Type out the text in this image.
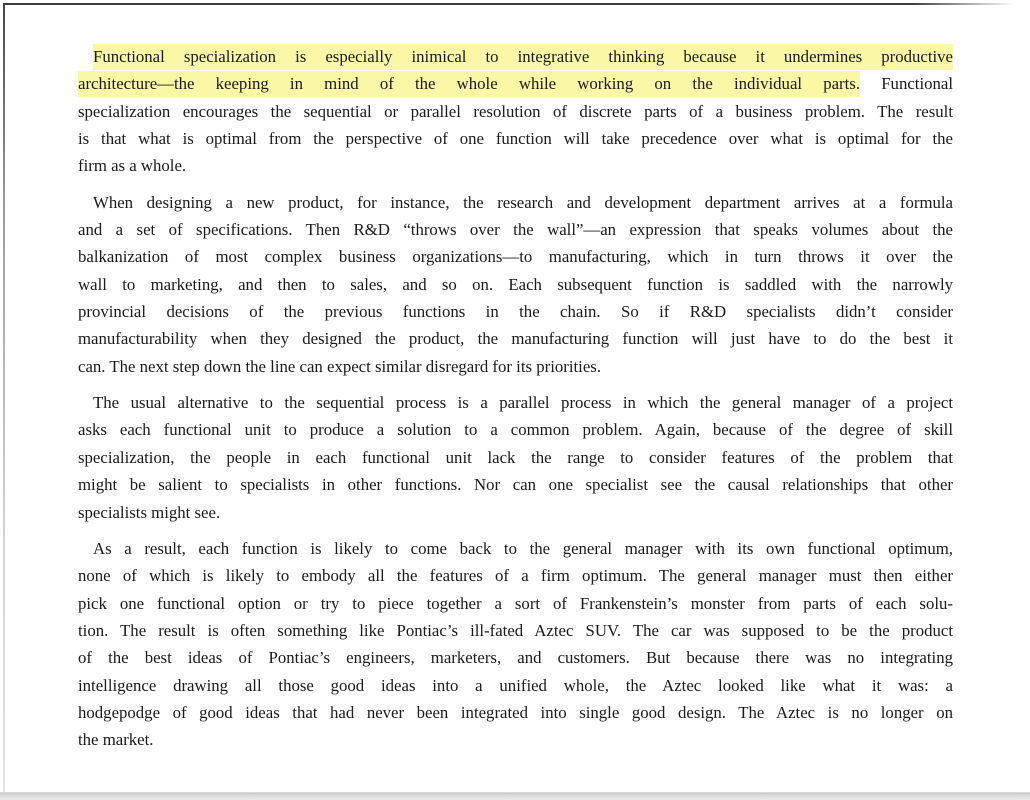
Functional specialization is especially inimical to integrative thinking because it undermines productive
architecture—the keeping in mind of the whole while working on the individual parts. Functional
specialization encourages the sequential or parallel resolution of discrete parts of a business problem. The result
is that what is optimal from the perspective of one function will take precedence over what is optimal for the
firm as a whole.
When designing a new product, for instance, the research and development department arrives at a formula
and a set of specifications. Then R&D “throws over the wall”—an expression that speaks volumes about the
balkanization of most complex business organizations—to manufacturing, which in turn throws it over the
wall to marketing, and then to sales, and so on. Each subsequent function is saddled with the narrowly
provincial decisions of the previous functions in the chain. So if R&D specialists didn’t consider
manufacturability when they designed the product, the manufacturing function will just have to do the best it
can. The next step down the line can expect similar disregard for its priorities.
The usual alternative to the sequential process is a parallel process in which the general manager of a project
asks each functional unit to produce a solution to a common problem. Again, because of the degree of skill
specialization, the people in each functional unit lack the range to consider features of the problem that
might be salient to specialists in other functions. Nor can one specialist see the causal relationships that other
specialists might see.
As a result, each function is likely to come back to the general manager with its own functional optimum,
none of which is likely to embody all the features of a firm optimum. The general manager must then either
pick one functional option or try to piece together a sort of Frankenstein’s monster from parts of each solu-
tion. The result is often something like Pontiac’s ill-fated Aztec SUV. The car was supposed to be the product
of the best ideas of Pontiac’s engineers, marketers, and customers. But because there was no integrating
intelligence drawing all those good ideas into a unified whole, the Aztec looked like what it was: a
hodgepodge of good ideas that had never been integrated into single good design. The Aztec is no longer on
the market.
